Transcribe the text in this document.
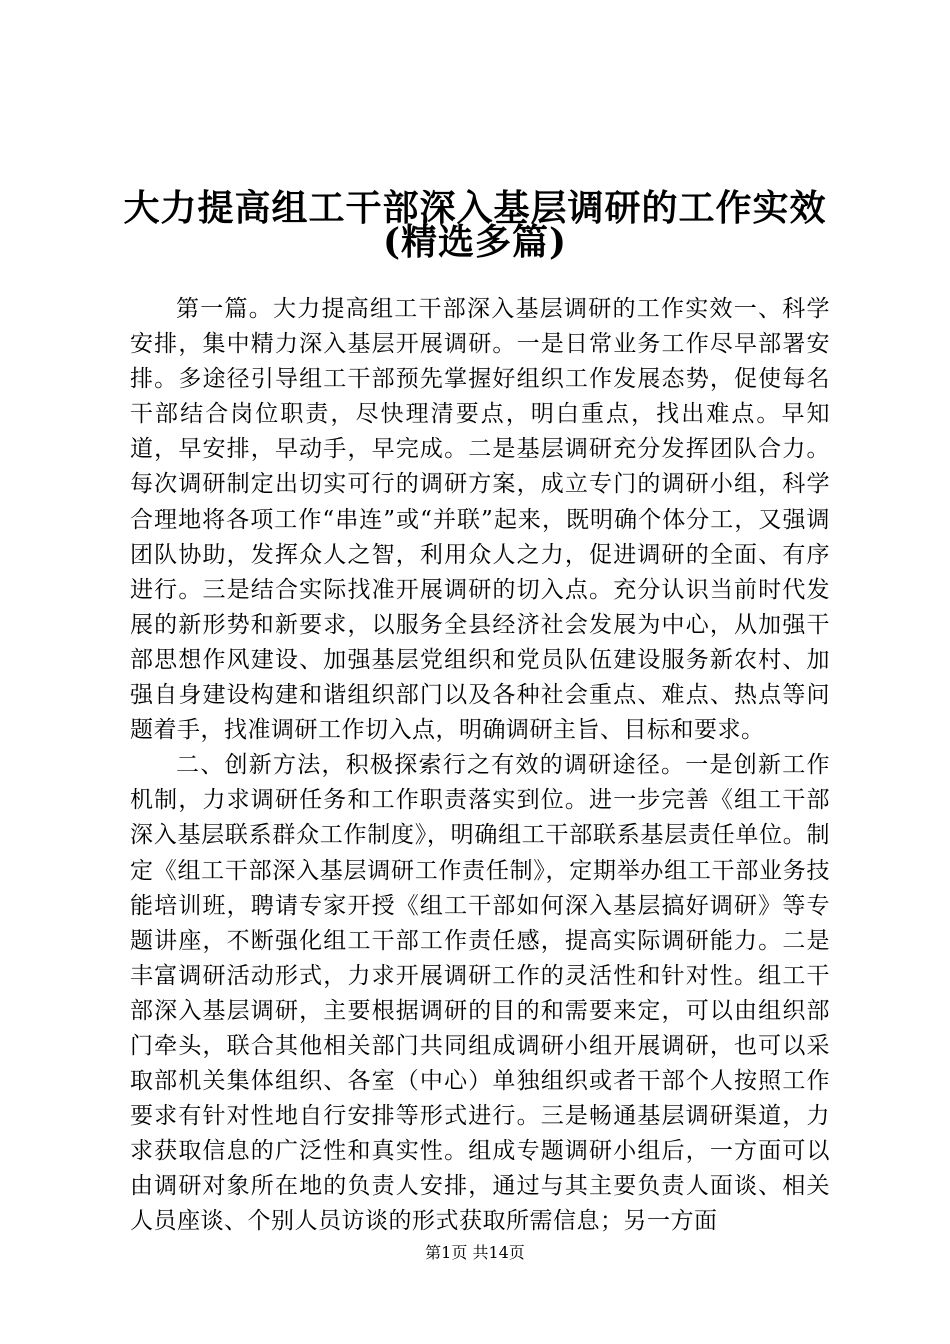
大力提高组工干部深入基层调研的工作实效
(精选多篇)

第一篇。大力提高组工干部深入基层调研的工作实效一、科学安排，集中精力深入基层开展调研。一是日常业务工作尽早部署安排。多途径引导组工干部预先掌握好组织工作发展态势，促使每名干部结合岗位职责，尽快理清要点，明白重点，找出难点。早知道，早安排，早动手，早完成。二是基层调研充分发挥团队合力。每次调研制定出切实可行的调研方案，成立专门的调研小组，科学合理地将各项工作“串连”或“并联”起来，既明确个体分工，又强调团队协助，发挥众人之智，利用众人之力，促进调研的全面、有序进行。三是结合实际找准开展调研的切入点。充分认识当前时代发展的新形势和新要求，以服务全县经济社会发展为中心，从加强干部思想作风建设、加强基层党组织和党员队伍建设服务新农村、加强自身建设构建和谐组织部门以及各种社会重点、难点、热点等问题着手，找准调研工作切入点，明确调研主旨、目标和要求。

二、创新方法，积极探索行之有效的调研途径。一是创新工作机制，力求调研任务和工作职责落实到位。进一步完善《组工干部深入基层联系群众工作制度》，明确组工干部联系基层责任单位。制定《组工干部深入基层调研工作责任制》，定期举办组工干部业务技能培训班，聘请专家开授《组工干部如何深入基层搞好调研》等专题讲座，不断强化组工干部工作责任感，提高实际调研能力。二是丰富调研活动形式，力求开展调研工作的灵活性和针对性。组工干部深入基层调研，主要根据调研的目的和需要来定，可以由组织部门牵头，联合其他相关部门共同组成调研小组开展调研，也可以采取部机关集体组织、各室（中心）单独组织或者干部个人按照工作要求有针对性地自行安排等形式进行。三是畅通基层调研渠道，力求获取信息的广泛性和真实性。组成专题调研小组后，一方面可以由调研对象所在地的负责人安排，通过与其主要负责人面谈、相关人员座谈、个别人员访谈的形式获取所需信息；另一方面

第1页 共14页
